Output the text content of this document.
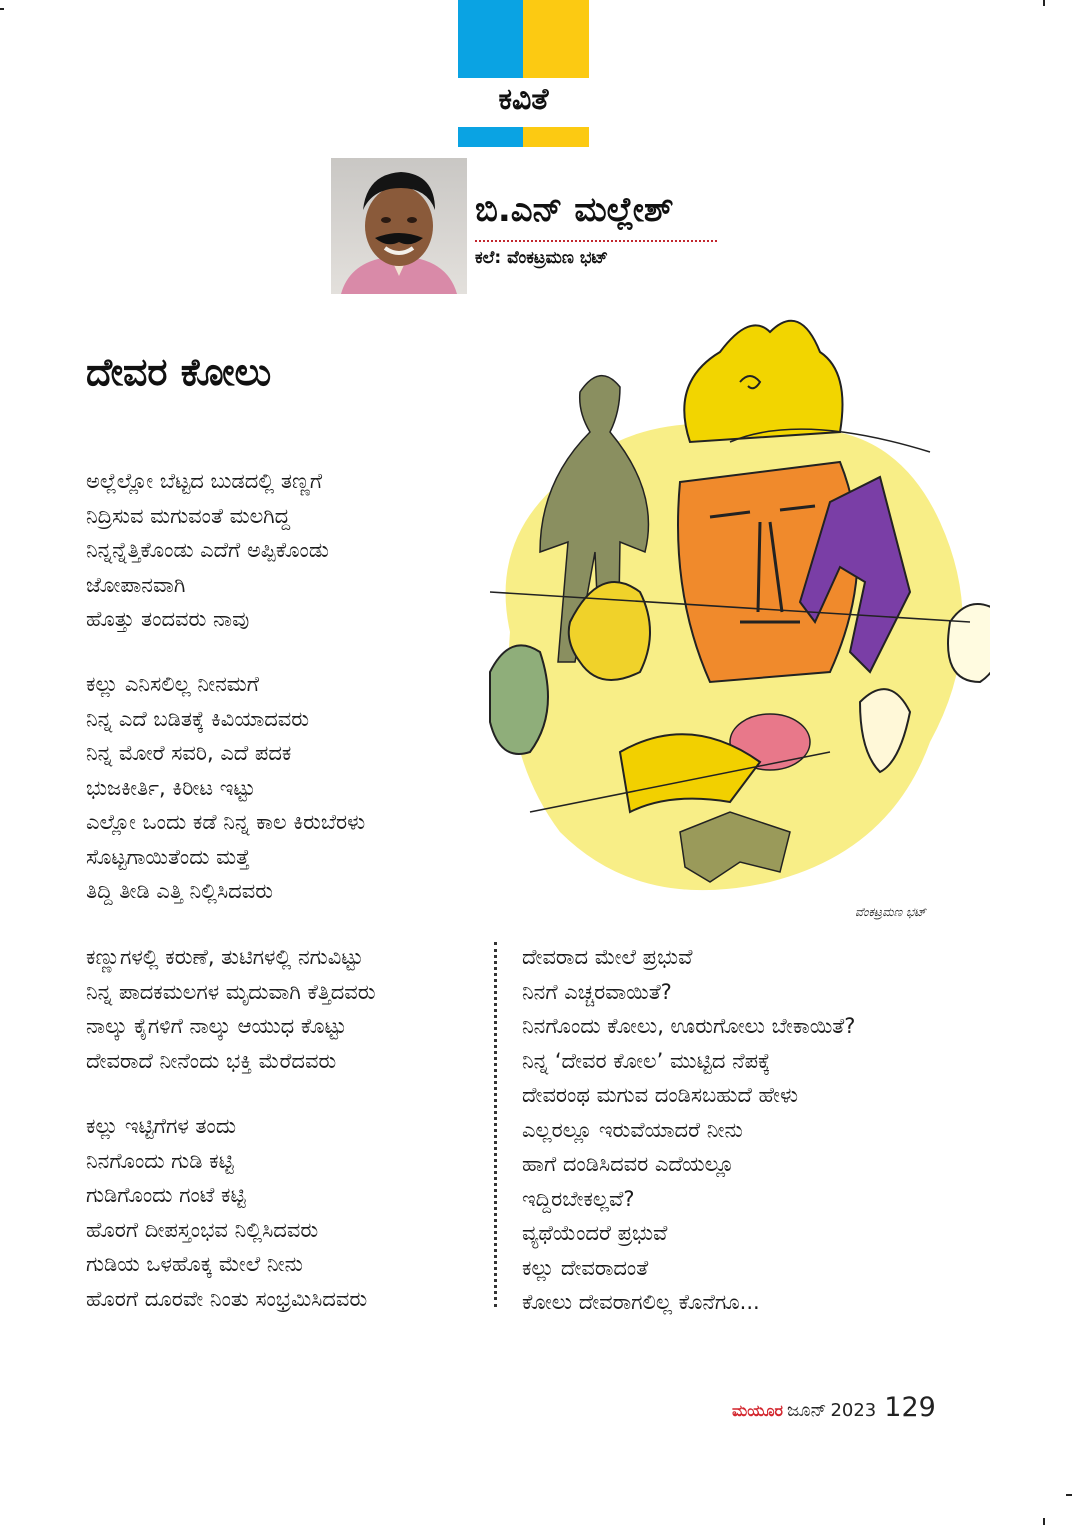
ಕವಿತೆ
ಬಿ.ಎನ್‌ ಮಲ್ಲೇಶ್
ಕಲೆ: ವೆಂಕಟ್ರಮಣ ಭಟ್
ದೇವರ ಕೋಲು
ಅಲ್ಲೆಲ್ಲೋ ಬೆಟ್ಟದ ಬುಡದಲ್ಲಿ ತಣ್ಣಗೆ
ನಿದ್ರಿಸುವ ಮಗುವಂತೆ ಮಲಗಿದ್ದ
ನಿನ್ನನ್ನೆತ್ತಿಕೊಂಡು ಎದೆಗೆ ಅಪ್ಪಿಕೊಂಡು
ಜೋಪಾನವಾಗಿ
ಹೊತ್ತು ತಂದವರು ನಾವು
ಕಲ್ಲು ಎನಿಸಲಿಲ್ಲ ನೀನಮಗೆ
ನಿನ್ನ ಎದೆ ಬಡಿತಕ್ಕೆ ಕಿವಿಯಾದವರು
ನಿನ್ನ ಮೋರೆ ಸವರಿ, ಎದೆ ಪದಕ
ಭುಜಕೀರ್ತಿ, ಕಿರೀಟ ಇಟ್ಟು
ಎಲ್ಲೋ ಒಂದು ಕಡೆ ನಿನ್ನ ಕಾಲ ಕಿರುಬೆರಳು
ಸೊಟ್ಟಗಾಯಿತೆಂದು ಮತ್ತೆ
ತಿದ್ದಿ ತೀಡಿ ಎತ್ತಿ ನಿಲ್ಲಿಸಿದವರು
ವೆಂಕಟ್ರಮಣ ಭಟ್
ಕಣ್ಣುಗಳಲ್ಲಿ ಕರುಣೆ, ತುಟಿಗಳಲ್ಲಿ ನಗುವಿಟ್ಟು
ನಿನ್ನ ಪಾದಕಮಲಗಳ ಮೃದುವಾಗಿ ಕೆತ್ತಿದವರು
ನಾಲ್ಕು ಕೈಗಳಿಗೆ ನಾಲ್ಕು ಆಯುಧ ಕೊಟ್ಟು
ದೇವರಾದೆ ನೀನೆಂದು ಭಕ್ತಿ ಮೆರೆದವರು
ಕಲ್ಲು ಇಟ್ಟಿಗೆಗಳ ತಂದು
ನಿನಗೊಂದು ಗುಡಿ ಕಟ್ಟಿ
ಗುಡಿಗೊಂದು ಗಂಟೆ ಕಟ್ಟಿ
ಹೊರಗೆ ದೀಪಸ್ತಂಭವ ನಿಲ್ಲಿಸಿದವರು
ಗುಡಿಯ ಒಳಹೊಕ್ಕ ಮೇಲೆ ನೀನು
ಹೊರಗೆ ದೂರವೇ ನಿಂತು ಸಂಭ್ರಮಿಸಿದವರು
ದೇವರಾದ ಮೇಲೆ ಪ್ರಭುವೆ
ನಿನಗೆ ಎಚ್ಚರವಾಯಿತೆ?
ನಿನಗೊಂದು ಕೋಲು, ಊರುಗೋಲು ಬೇಕಾಯಿತೆ?
ನಿನ್ನ ‘ದೇವರ ಕೋಲ’ ಮುಟ್ಟಿದ ನೆಪಕ್ಕೆ
ದೇವರಂಥ ಮಗುವ ದಂಡಿಸಬಹುದೆ ಹೇಳು
ಎಲ್ಲರಲ್ಲೂ ಇರುವೆಯಾದರೆ ನೀನು
ಹಾಗೆ ದಂಡಿಸಿದವರ ಎದೆಯಲ್ಲೂ
ಇದ್ದಿರಬೇಕಲ್ಲವೆ?
ವ್ಯಥೆಯೆಂದರೆ ಪ್ರಭುವೆ
ಕಲ್ಲು ದೇವರಾದಂತೆ
ಕೋಲು ದೇವರಾಗಲಿಲ್ಲ ಕೊನೆಗೂ...
ಮಯೂರ ಜೂನ್‌ 2023 129
